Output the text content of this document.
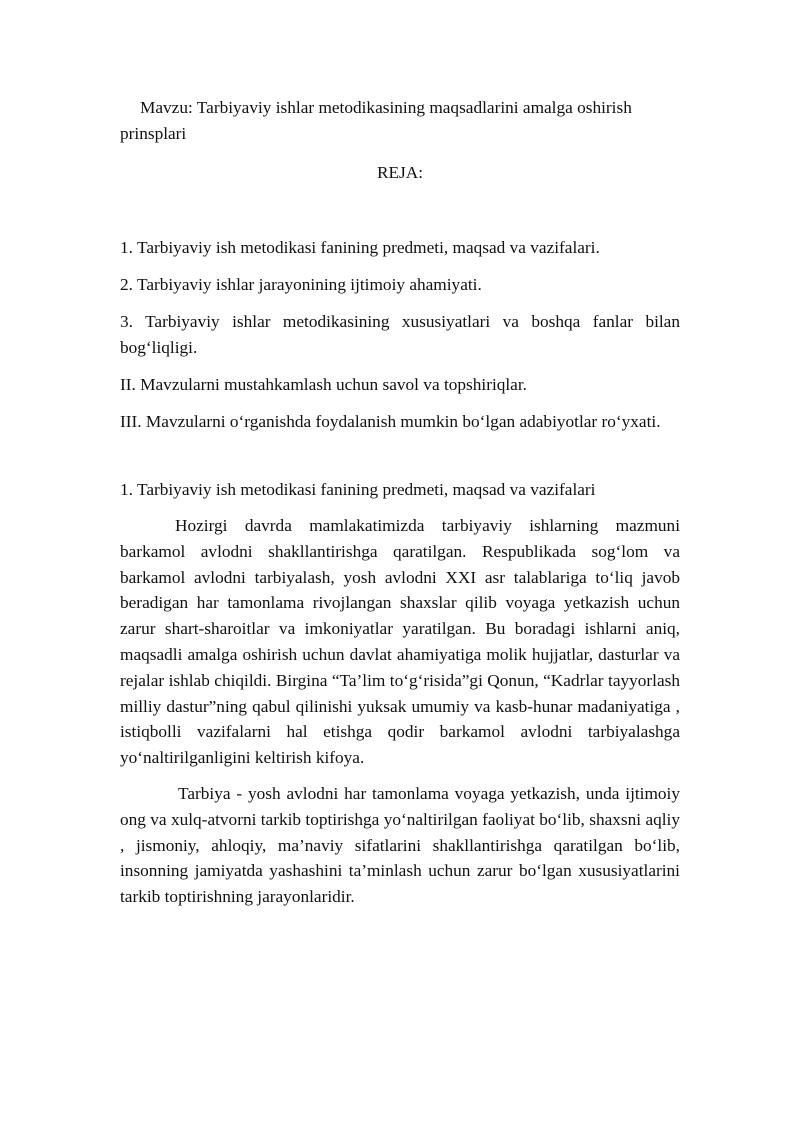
Mavzu: Tarbiyaviy ishlar metodikasining maqsadlarini amalga oshirish prinsplari
REJA:

1. Tarbiyaviy ish metodikasi fanining predmeti, maqsad va vazifalari.

2. Tarbiyaviy ishlar jarayonining ijtimoiy ahamiyati.

3. Tarbiyaviy ishlar metodikasining xususiyatlari va boshqa fanlar bilan bog‘liqligi.

II. Mavzularni mustahkamlash uchun savol va topshiriqlar.

III. Mavzularni o‘rganishda foydalanish mumkin bo‘lgan adabiyotlar ro‘yxati.

1. Tarbiyaviy ish metodikasi fanining predmeti, maqsad va vazifalari

Hozirgi davrda mamlakatimizda tarbiyaviy ishlarning mazmuni barkamol avlodni shakllantirishga qaratilgan. Respublikada sog‘lom va barkamol avlodni tarbiyalash, yosh avlodni XXI asr talablariga to‘liq javob beradigan har tamonlama rivojlangan shaxslar qilib voyaga yetkazish uchun zarur shart-sharoitlar va imkoniyatlar yaratilgan. Bu boradagi ishlarni aniq, maqsadli amalga oshirish uchun davlat ahamiyatiga molik hujjatlar, dasturlar va rejalar ishlab chiqildi. Birgina “Ta’lim to‘g‘risida”gi Qonun, “Kadrlar tayyorlash milliy dastur”ning qabul qilinishi yuksak umumiy va kasb-hunar madaniyatiga , istiqbolli vazifalarni hal etishga qodir barkamol avlodni tarbiyalashga yo‘naltirilganligini keltirish kifoya.

Tarbiya - yosh avlodni har tamonlama voyaga yetkazish, unda ijtimoiy ong va xulq-atvorni tarkib toptirishga yo‘naltirilgan faoliyat bo‘lib, shaxsni aqliy , jismoniy, ahloqiy, ma’naviy sifatlarini shakllantirishga qaratilgan bo‘lib, insonning jamiyatda yashashini ta’minlash uchun zarur bo‘lgan xususiyatlarini tarkib toptirishning jarayonlaridir.
